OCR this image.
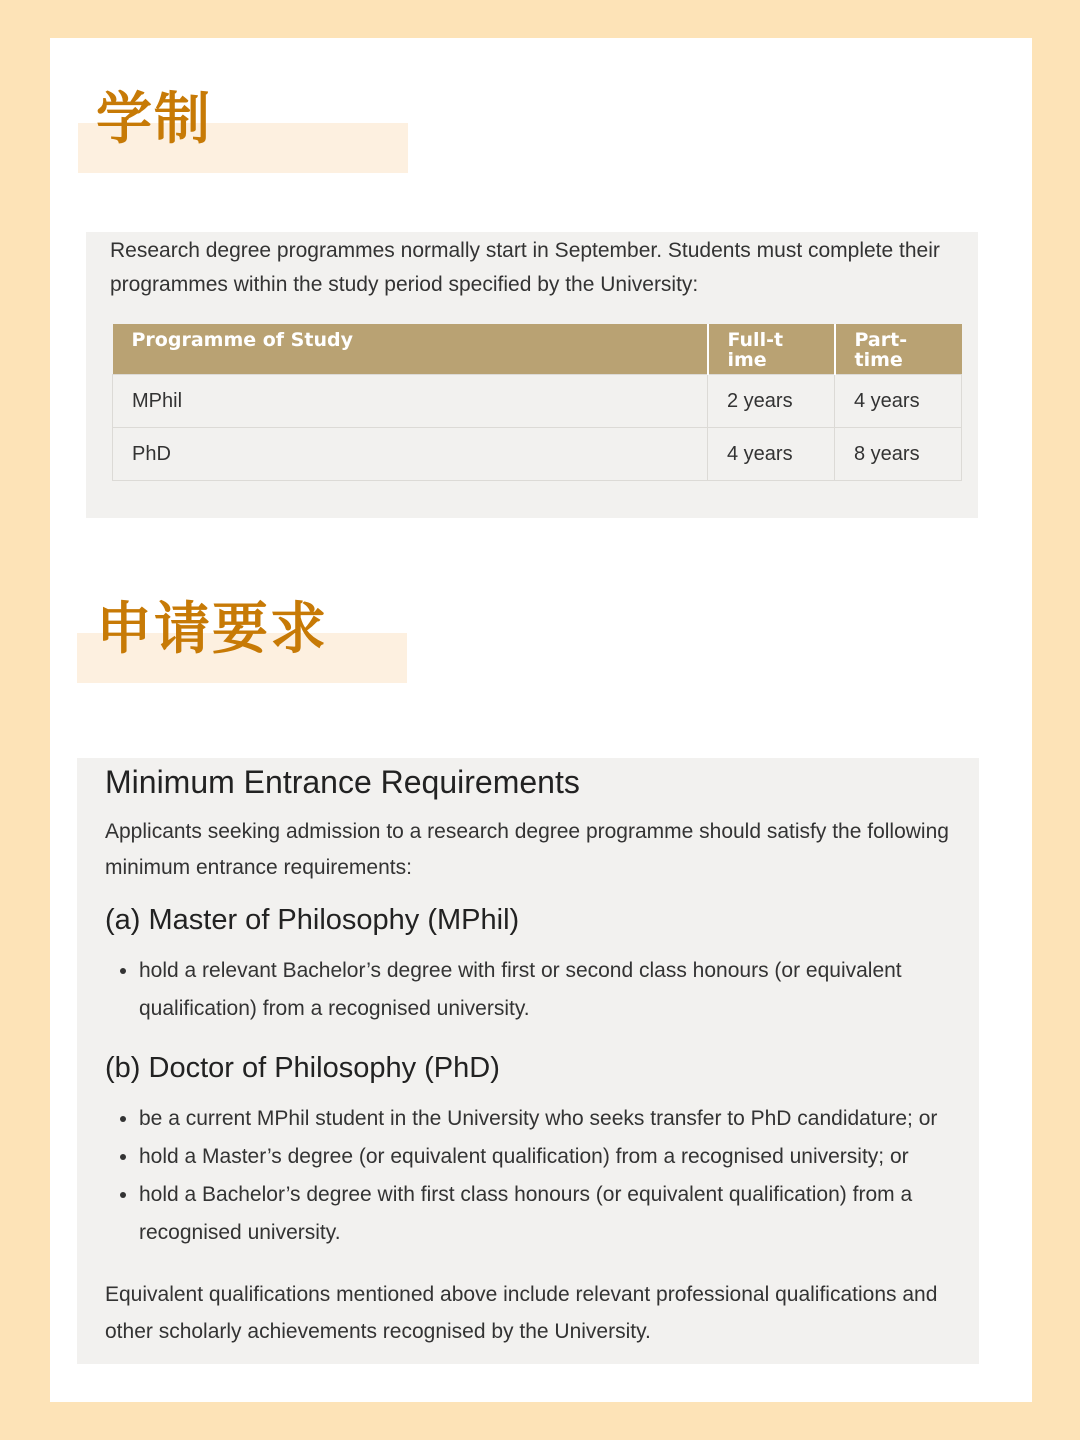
学制

Research degree programmes normally start in September. Students must complete their programmes within the study period specified by the University:

Programme of Study	Full-time	Part-time
MPhil	2 years	4 years
PhD	4 years	8 years
申请要求
Minimum Entrance Requirements

Applicants seeking admission to a research degree programme should satisfy the following minimum entrance requirements:

(a) Master of Philosophy (MPhil)
• hold a relevant Bachelor’s degree with first or second class honours (or equivalent qualification) from a recognised university.
(b) Doctor of Philosophy (PhD)
• be a current MPhil student in the University who seeks transfer to PhD candidature; or
• hold a Master’s degree (or equivalent qualification) from a recognised university; or
• hold a Bachelor’s degree with first class honours (or equivalent qualification) from a recognised university.

Equivalent qualifications mentioned above include relevant professional qualifications and other scholarly achievements recognised by the University.
